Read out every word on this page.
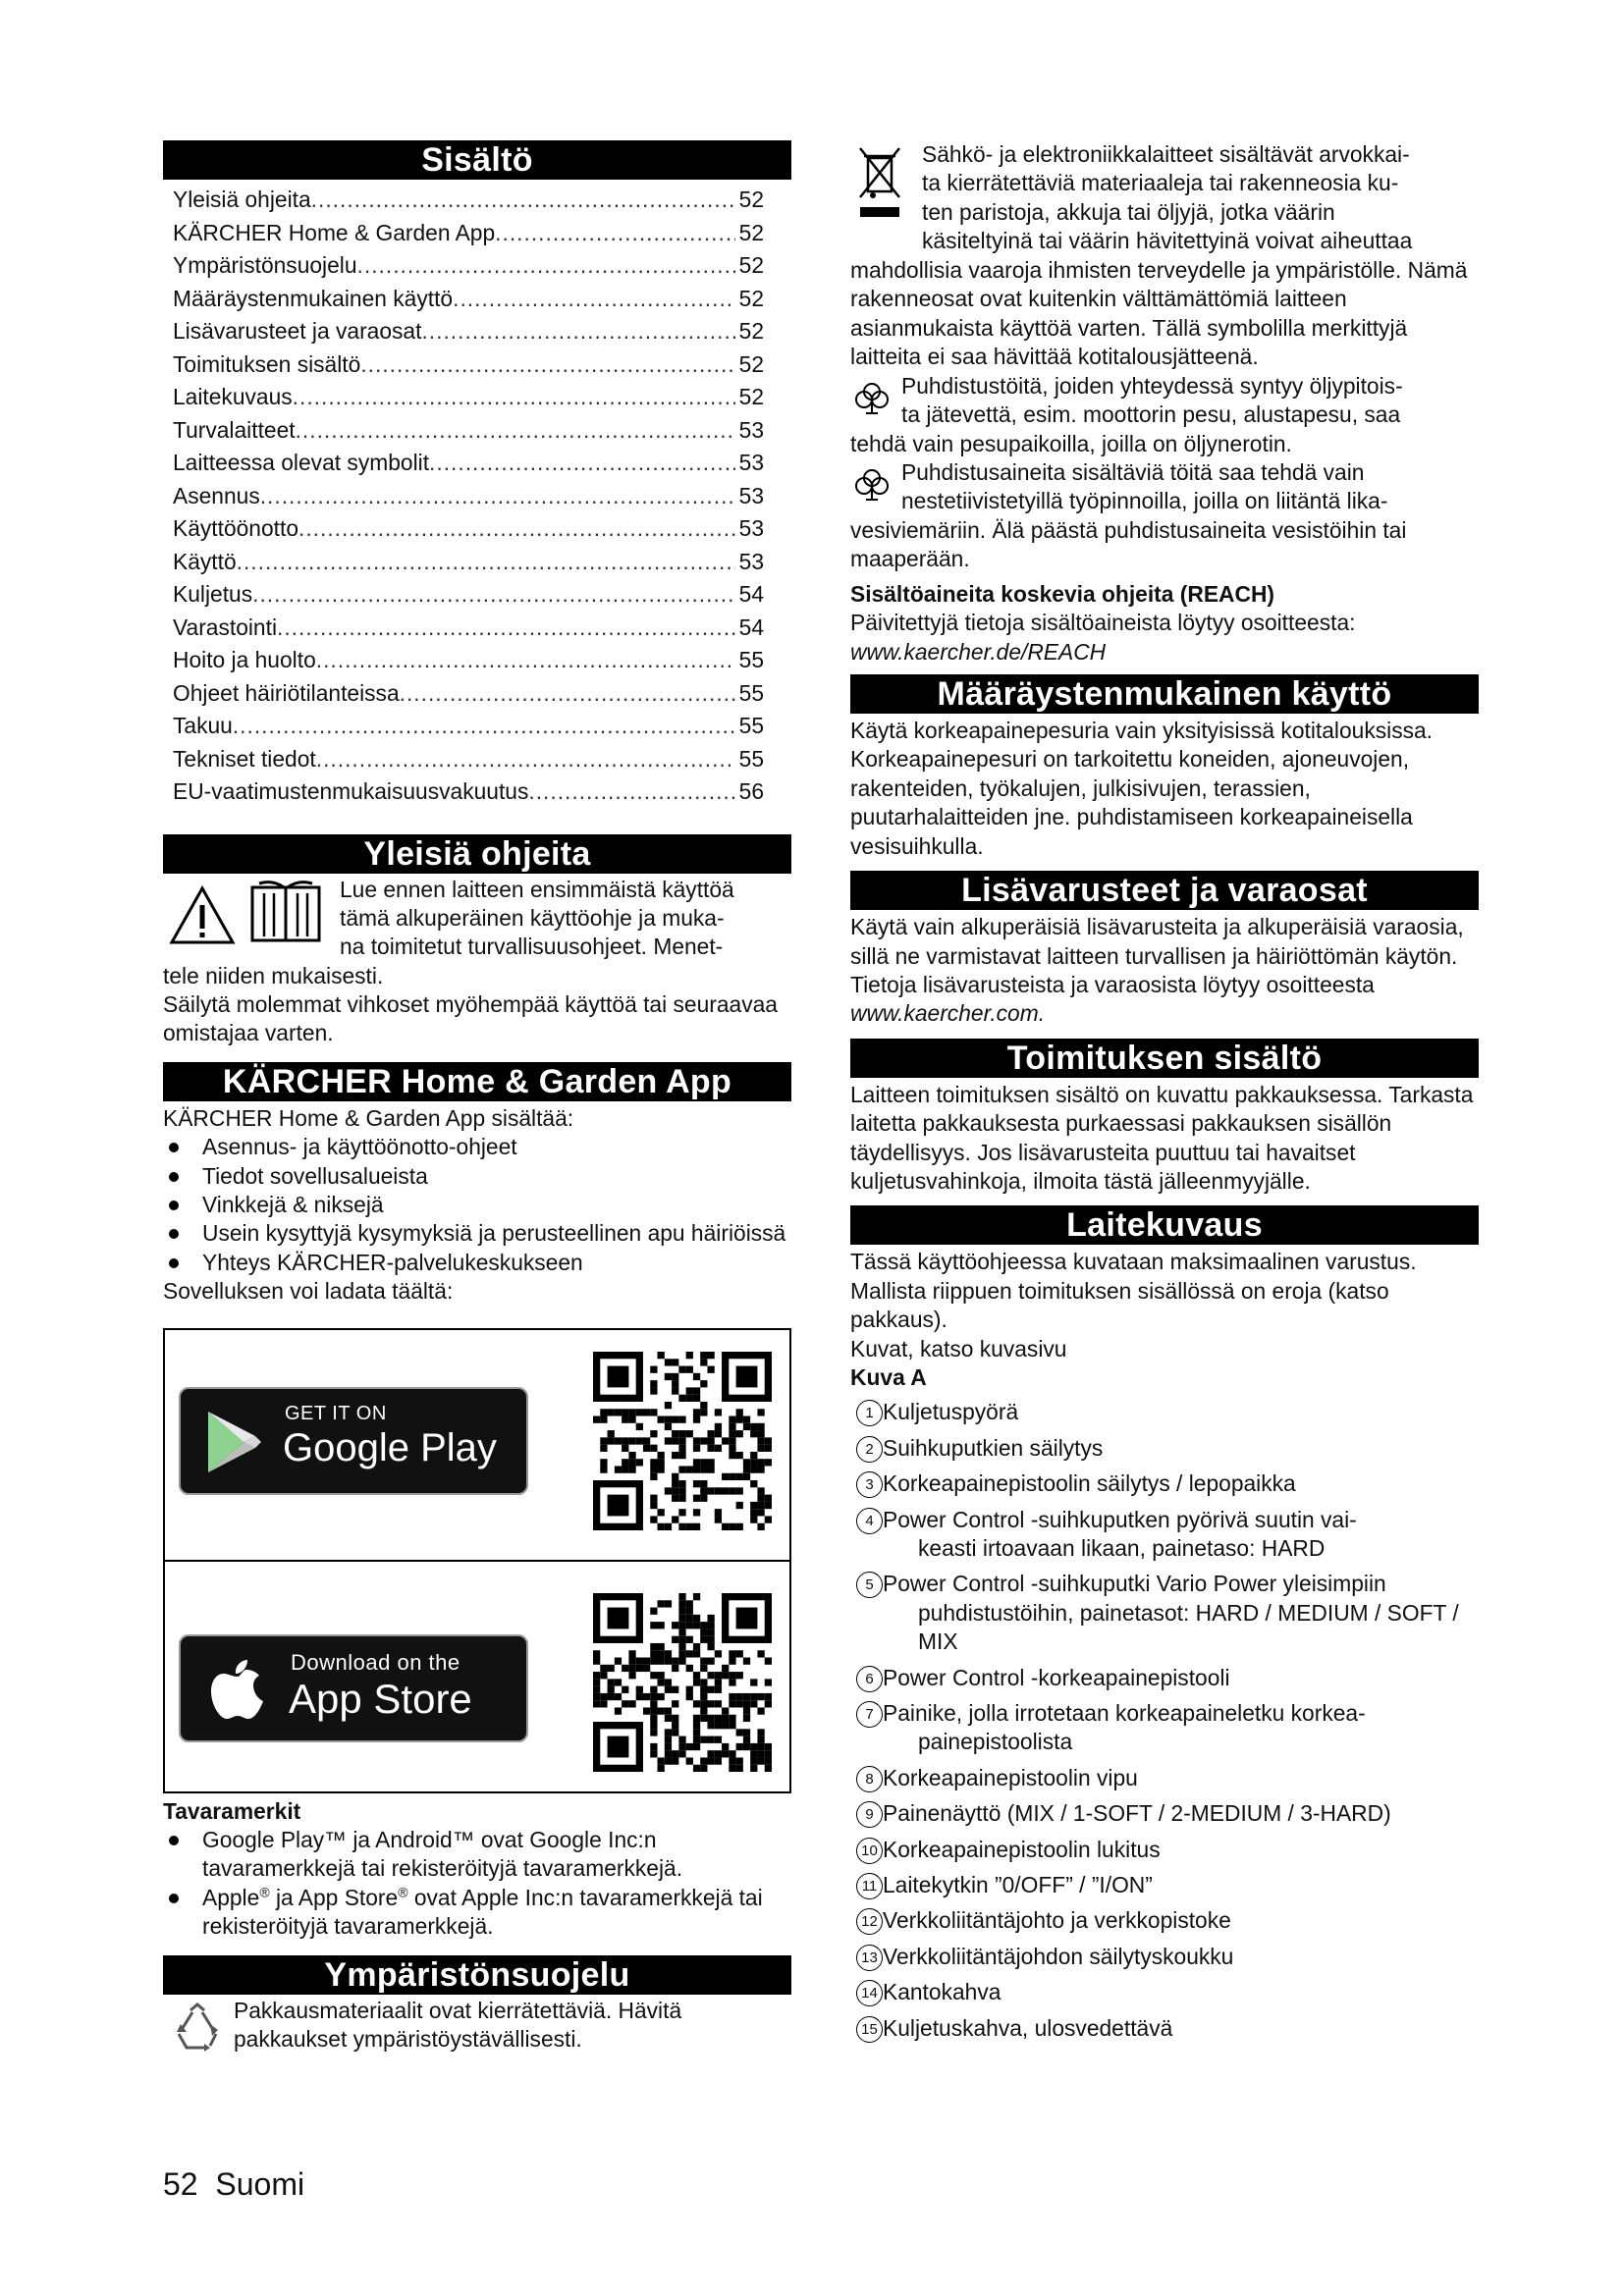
Sisältö
Yleisiä ohjeita .....	52
KÄRCHER Home & Garden App .....	52
Ympäristönsuojelu .....	52
Määräystenmukainen käyttö .....	52
Lisävarusteet ja varaosat .....	52
Toimituksen sisältö .....	52
Laitekuvaus .....	52
Turvalaitteet .....	53
Laitteessa olevat symbolit .....	53
Asennus .....	53
Käyttöönotto .....	53
Käyttö .....	53
Kuljetus .....	54
Varastointi .....	54
Hoito ja huolto .....	55
Ohjeet häiriötilanteissa .....	55
Takuu .....	55
Tekniset tiedot .....	55
EU-vaatimustenmukaisuusvakuutus .....	56
Yleisiä ohjeita
Lue ennen laitteen ensimmäistä käyttöä
tämä alkuperäinen käyttöohje ja muka-
na toimitetut turvallisuusohjeet. Menet-
tele niiden mukaisesti.
Säilytä molemmat vihkoset myöhempää käyttöä tai seuraavaa omistajaa varten.
KÄRCHER Home & Garden App
KÄRCHER Home & Garden App sisältää:
Asennus- ja käyttöönotto-ohjeet
Tiedot sovellusalueista
Vinkkejä & niksejä
Usein kysyttyjä kysymyksiä ja perusteellinen apu häiriöissä
Yhteys KÄRCHER-palvelukeskukseen
Sovelluksen voi ladata täältä:
GET IT ON
Google Play
Download on the
App Store
Tavaramerkit
Google Play™ ja Android™ ovat Google Inc:n tavaramerkkejä tai rekisteröityjä tavaramerkkejä.
Apple® ja App Store® ovat Apple Inc:n tavaramerkkejä tai rekisteröityjä tavaramerkkejä.
Ympäristönsuojelu
Pakkausmateriaalit ovat kierrätettäviä. Hävitä
pakkaukset ympäristöystävällisesti.
Sähkö- ja elektroniikkalaitteet sisältävät arvokkai-
ta kierrätettäviä materiaaleja tai rakenneosia ku-
ten paristoja, akkuja tai öljyjä, jotka väärin
käsiteltyinä tai väärin hävitettyinä voivat aiheuttaa
mahdollisia vaaroja ihmisten terveydelle ja ympäristölle. Nämä rakenneosat ovat kuitenkin välttämättömiä laitteen asianmukaista käyttöä varten. Tällä symbolilla merkittyjä laitteita ei saa hävittää kotitalousjätteenä.
Puhdistustöitä, joiden yhteydessä syntyy öljypitois-
ta jätevettä, esim. moottorin pesu, alustapesu, saa
tehdä vain pesupaikoilla, joilla on öljynerotin.
Puhdistusaineita sisältäviä töitä saa tehdä vain
nestetiivistetyillä työpinnoilla, joilla on liitäntä lika-
vesiviemäriin. Älä päästä puhdistusaineita vesistöihin tai maaperään.
Sisältöaineita koskevia ohjeita (REACH)
Päivitettyjä tietoja sisältöaineista löytyy osoitteesta:
www.kaercher.de/REACH
Määräystenmukainen käyttö
Käytä korkeapainepesuria vain yksityisissä kotitalouksissa.
Korkeapainepesuri on tarkoitettu koneiden, ajoneuvojen, rakenteiden, työkalujen, julkisivujen, terassien, puutarhalaitteiden jne. puhdistamiseen korkeapaineisella vesisuihkulla.
Lisävarusteet ja varaosat
Käytä vain alkuperäisiä lisävarusteita ja alkuperäisiä varaosia, sillä ne varmistavat laitteen turvallisen ja häiriöttömän käytön.
Tietoja lisävarusteista ja varaosista löytyy osoitteesta
www.kaercher.com.
Toimituksen sisältö
Laitteen toimituksen sisältö on kuvattu pakkauksessa. Tarkasta laitetta pakkauksesta purkaessasi pakkauksen sisällön täydellisyys. Jos lisävarusteita puuttuu tai havaitset kuljetusvahinkoja, ilmoita tästä jälleenmyyjälle.
Laitekuvaus
Tässä käyttöohjeessa kuvataan maksimaalinen varustus. Mallista riippuen toimituksen sisällössä on eroja (katso pakkaus).
Kuvat, katso kuvasivu
Kuva A
1 Kuljetuspyörä
2 Suihkuputkien säilytys
3 Korkeapainepistoolin säilytys / lepopaikka
4 Power Control -suihkuputken pyörivä suutin vai-
keasti irtoavaan likaan, painetaso: HARD
5 Power Control -suihkuputki Vario Power yleisimpiin
puhdistustöihin, painetasot: HARD / MEDIUM / SOFT / MIX
6 Power Control -korkeapainepistooli
7 Painike, jolla irrotetaan korkeapaineletku korkea-
painepistoolista
8 Korkeapainepistoolin vipu
9 Painenäyttö (MIX / 1-SOFT / 2-MEDIUM / 3-HARD)
10 Korkeapainepistoolin lukitus
11 Laitekytkin ”0/OFF” / ”I/ON”
12 Verkkoliitäntäjohto ja verkkopistoke
13 Verkkoliitäntäjohdon säilytyskoukku
14 Kantokahva
15 Kuljetuskahva, ulosvedettävä
52 Suomi
